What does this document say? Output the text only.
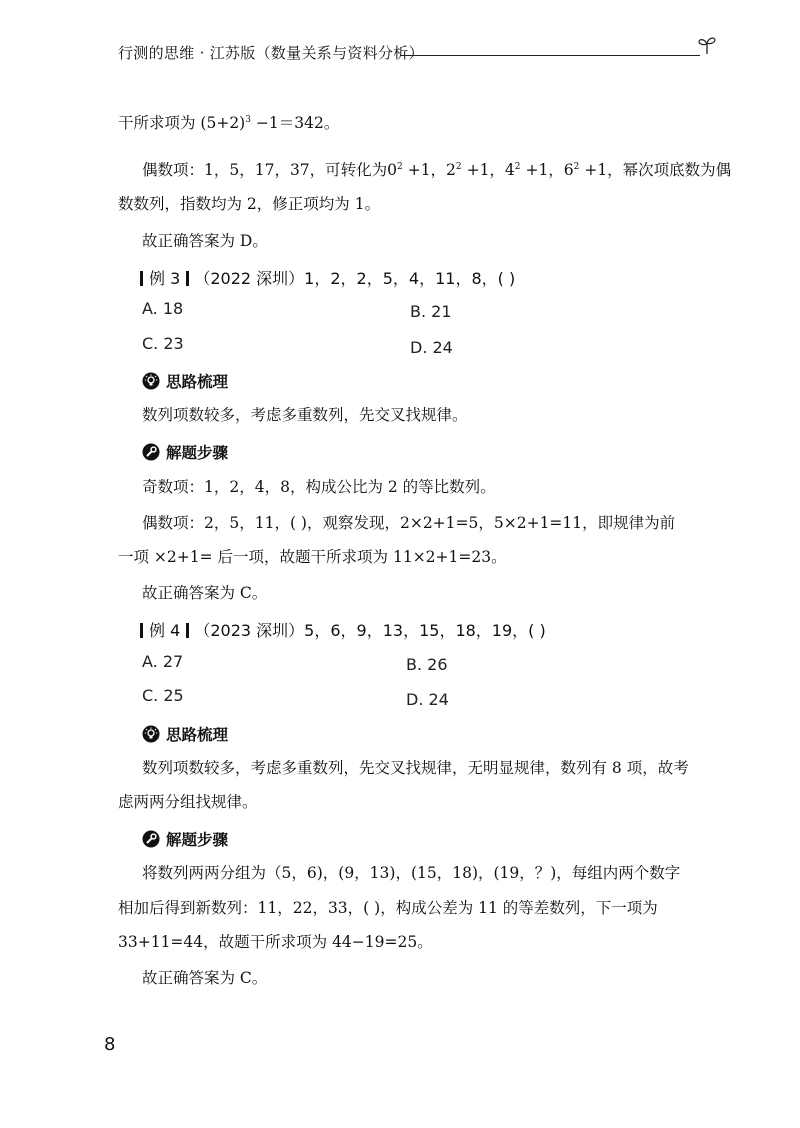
行测的思维 · 江苏版（数量关系与资料分析）
干所求项为 $(5+2)^3 -1=342$。
偶数项：1，5，17，37，可转化为$0^2 +1$，$2^2 +1$，$4^2 +1$，$6^2 +1$，幂次项底数为偶
数数列，指数均为 2，修正项均为 1。
故正确答案为 D。
例 3 （2022 深圳）1，2，2，5，4，11，8，( )
A. 18	B. 21
C. 23	D. 24
思路梳理
数列项数较多，考虑多重数列，先交叉找规律。
解题步骤
奇数项：1，2，4，8，构成公比为 2 的等比数列。
偶数项：2，5，11，( )，观察发现，2×2+1=5，5×2+1=11，即规律为前
一项 ×2+1= 后一项，故题干所求项为 11×2+1=23。
故正确答案为 C。
例 4 （2023 深圳）5，6，9，13，15，18，19，( )
A. 27	B. 26
C. 25	D. 24
思路梳理
数列项数较多，考虑多重数列，先交叉找规律，无明显规律，数列有 8 项，故考
虑两两分组找规律。
解题步骤
将数列两两分组为（5，6)，(9，13)，(15，18)，(19，？)，每组内两个数字
相加后得到新数列：11，22，33，( )，构成公差为 11 的等差数列，下一项为
33+11=44，故题干所求项为 44−19=25。
故正确答案为 C。
8
